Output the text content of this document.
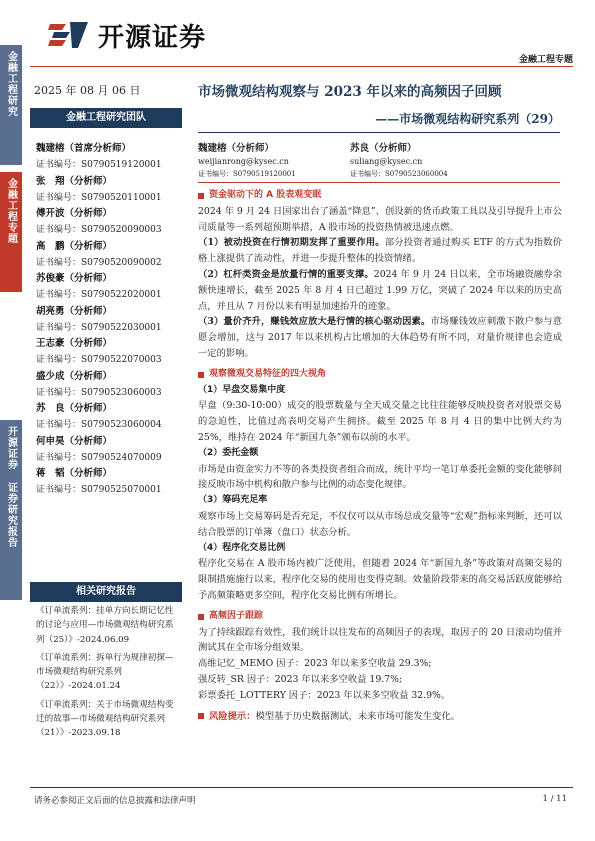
金融工程研究
金融工程专题
开源证券 证券研究报告
开源证券
金融工程专题
2025 年 08 月 06 日
金融工程研究团队
魏建榕（首席分析师）
证书编号：S0790519120001
张　翔（分析师）
证书编号：S0790520110001
傅开波（分析师）
证书编号：S0790520090003
高　鹏（分析师）
证书编号：S0790520090002
苏俊豪（分析师）
证书编号：S0790522020001
胡亮勇（分析师）
证书编号：S0790522030001
王志豪（分析师）
证书编号：S0790522070003
盛少成（分析师）
证书编号：S0790523060003
苏　良（分析师）
证书编号：S0790523060004
何申昊（分析师）
证书编号：S0790524070009
蒋　韬（分析师）
证书编号：S0790525070001
相关研究报告
《订单流系列：挂单方向长期记忆性的讨论与应用—市场微观结构研究系列（25）》-2024.06.09
《订单流系列：拆单行为规律初探—市场微观结构研究系列（22）》-2024.01.24
《订单流系列：关于市场微观结构变迁的故事—市场微观结构研究系列（21）》-2023.09.18
市场微观结构观察与 2023 年以来的高频因子回顾
——市场微观结构研究系列（29）
魏建榕（分析师）
weijianrong@kysec.cn
证书编号：S0790519120001
苏良（分析师）
suliang@kysec.cn
证书编号：S0790523060004
资金驱动下的 A 股表观变眠

2024 年 9 月 24 日国家出台了涵盖“降息”、创设新的货币政策工具以及引导提升上市公司质量等一系列超预期举措，A 股市场的投资热情被迅速点燃。

（1）被动投资在行情初期发挥了重要作用。部分投资者通过购买 ETF 的方式为指数价格上涨提供了流动性，并进一步提升整体的投资情绪。

（2）杠杆类资金是放量行情的重要支撑。2024 年 9 月 24 日以来，全市场融资融券余额快速增长，截至 2025 年 8 月 4 日已超过 1.99 万亿，突破了 2024 年以来的历史高点，并且从 7 月份以来有明显加速抬升的迹象。

（3）量价齐升，赚钱效应放大是行情的核心驱动因素。市场赚钱效应刺激下散户参与意愿会增加，这与 2017 年以来机构占比增加的大体趋势有所不同，对量价规律也会造成一定的影响。

观察微观交易特征的四大视角
（1）早盘交易集中度

早盘（9:30-10:00）成交的股票数量与全天成交量之比往往能够反映投资者对股票交易的急迫性，比值过高表明交易产生拥挤。截至 2025 年 8 月 4 日的集中比例大约为 25%，维持在 2024 年“新国九条”颁布以前的水平。

（2）委托金额

市场是由资金实力不等的各类投资者组合而成，统计平均一笔订单委托金额的变化能够间接反映市场中机构和散户参与比例的动态变化规律。

（3）筹码充足率

观察市场上交易筹码是否充足，不仅仅可以从市场总成交量等“宏观”指标来判断，还可以结合股票的订单簿（盘口）状态分析。

（4）程序化交易比例

程序化交易在 A 股市场内被广泛使用，但随着 2024 年“新国九条”等政策对高频交易的限制措施施行以来，程序化交易的使用也变得克制。效量阶段带来的高交易活跃度能够给予高频策略更多空间，程序化交易比例有所增长。

高频因子跟踪

为了持续跟踪有效性，我们统计以往发布的高频因子的表现，取因子的 20 日滚动均值并测试其在全市场分组效果。

高维记忆_MEMO 因子：2023 年以来多空收益 29.3%;

强反转_SR 因子：2023 年以来多空收益 19.7%;

彩票委托_LOTTERY 因子：2023 年以来多空收益 32.9%。

风险提示： 模型基于历史数据测试，未来市场可能发生变化。
请务必参阅正文后面的信息披露和法律声明	1 / 11
